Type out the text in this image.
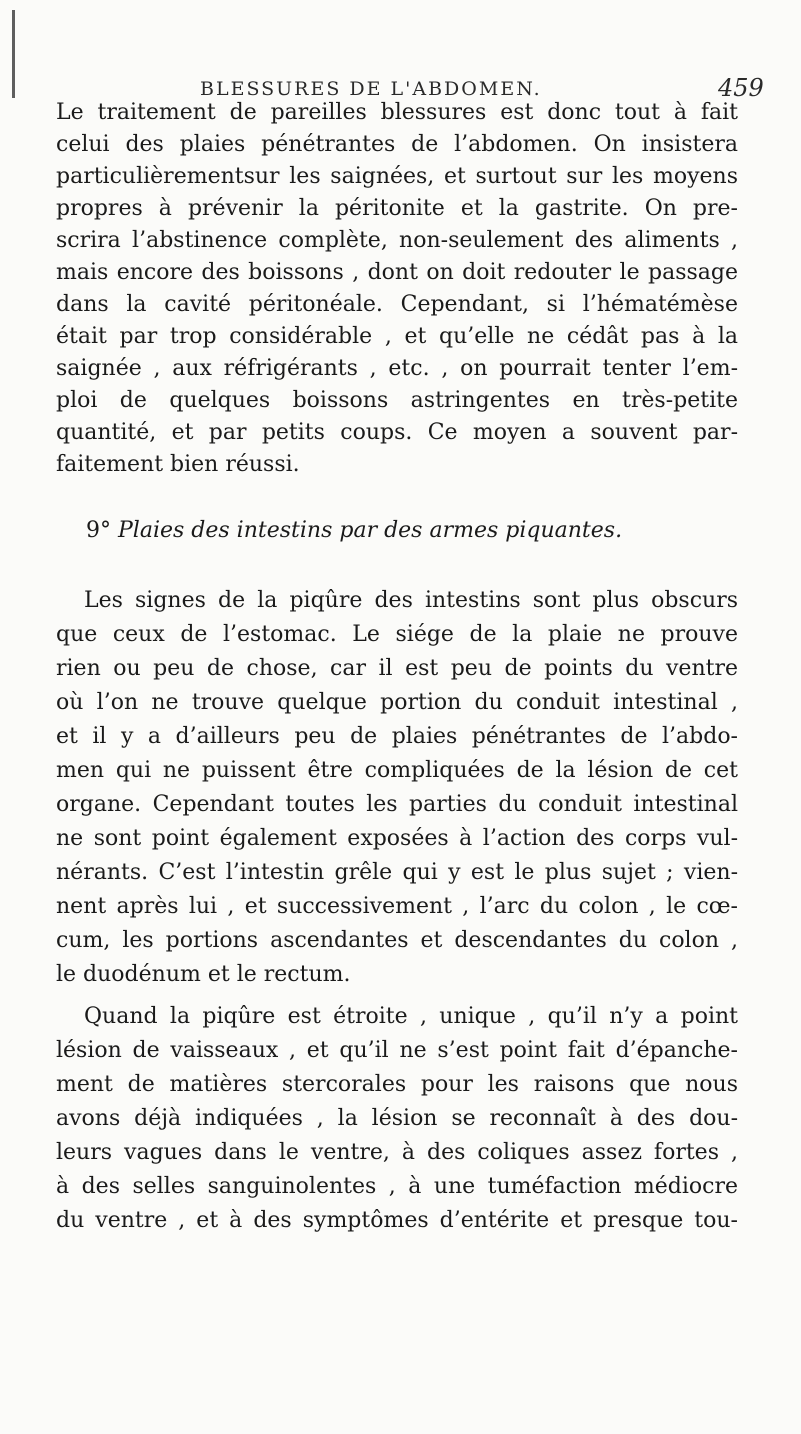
BLESSURES DE L'ABDOMEN.	459
Le traitement de pareilles blessures est donc tout à fait
celui des plaies pénétrantes de l’abdomen. On insistera
particulièrementsur les saignées, et surtout sur les moyens
propres à prévenir la péritonite et la gastrite. On pre-
scrira l’abstinence complète, non-seulement des aliments ,
mais encore des boissons , dont on doit redouter le passage
dans la cavité péritonéale. Cependant, si l’hématémèse
était par trop considérable , et qu’elle ne cédât pas à la
saignée , aux réfrigérants , etc. , on pourrait tenter l’em-
ploi de quelques boissons astringentes en très-petite
quantité, et par petits coups. Ce moyen a souvent par-
faitement bien réussi.
9° Plaies des intestins par des armes piquantes.
Les signes de la piqûre des intestins sont plus obscurs
que ceux de l’estomac. Le siége de la plaie ne prouve
rien ou peu de chose, car il est peu de points du ventre
où l’on ne trouve quelque portion du conduit intestinal ,
et il y a d’ailleurs peu de plaies pénétrantes de l’abdo-
men qui ne puissent être compliquées de la lésion de cet
organe. Cependant toutes les parties du conduit intestinal
ne sont point également exposées à l’action des corps vul-
nérants. C’est l’intestin grêle qui y est le plus sujet ; vien-
nent après lui , et successivement , l’arc du colon , le cœ-
cum, les portions ascendantes et descendantes du colon ,
le duodénum et le rectum.
Quand la piqûre est étroite , unique , qu’il n’y a point
lésion de vaisseaux , et qu’il ne s’est point fait d’épanche-
ment de matières stercorales pour les raisons que nous
avons déjà indiquées , la lésion se reconnaît à des dou-
leurs vagues dans le ventre, à des coliques assez fortes ,
à des selles sanguinolentes , à une tuméfaction médiocre
du ventre , et à des symptômes d’entérite et presque tou-
